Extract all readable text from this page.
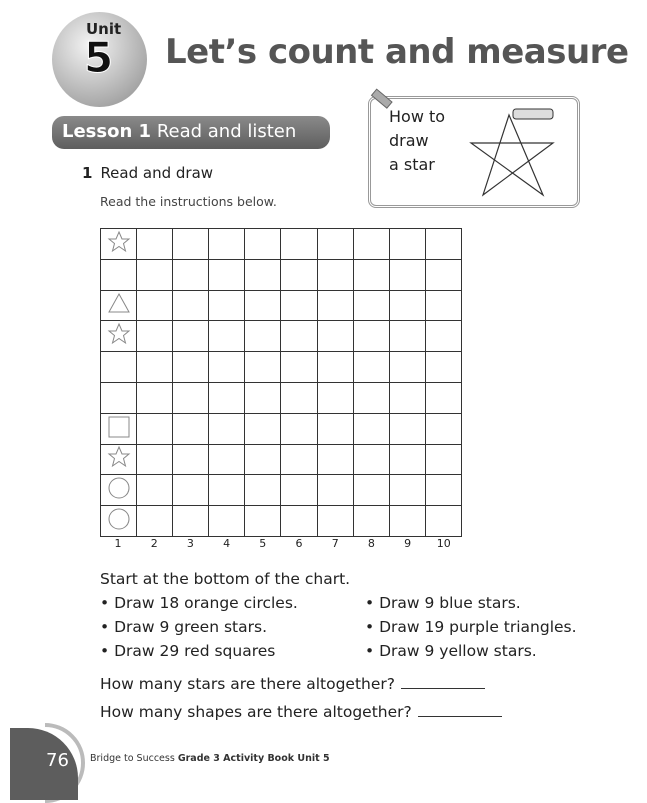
Unit
5 Let’s count and measure
Lesson 1 Read and listen
1 Read and draw
Read the instructions below.
How to
draw
a star

1	2	3	4	5	6	7	8	9	10
Start at the bottom of the chart.
• Draw 18 orange circles.	• Draw 9 blue stars.
• Draw 9 green stars.	• Draw 19 purple triangles.
• Draw 29 red squares	• Draw 9 yellow stars.
How many stars are there altogether?
How many shapes are there altogether?
76 Bridge to Success Grade 3 Activity Book Unit 5
